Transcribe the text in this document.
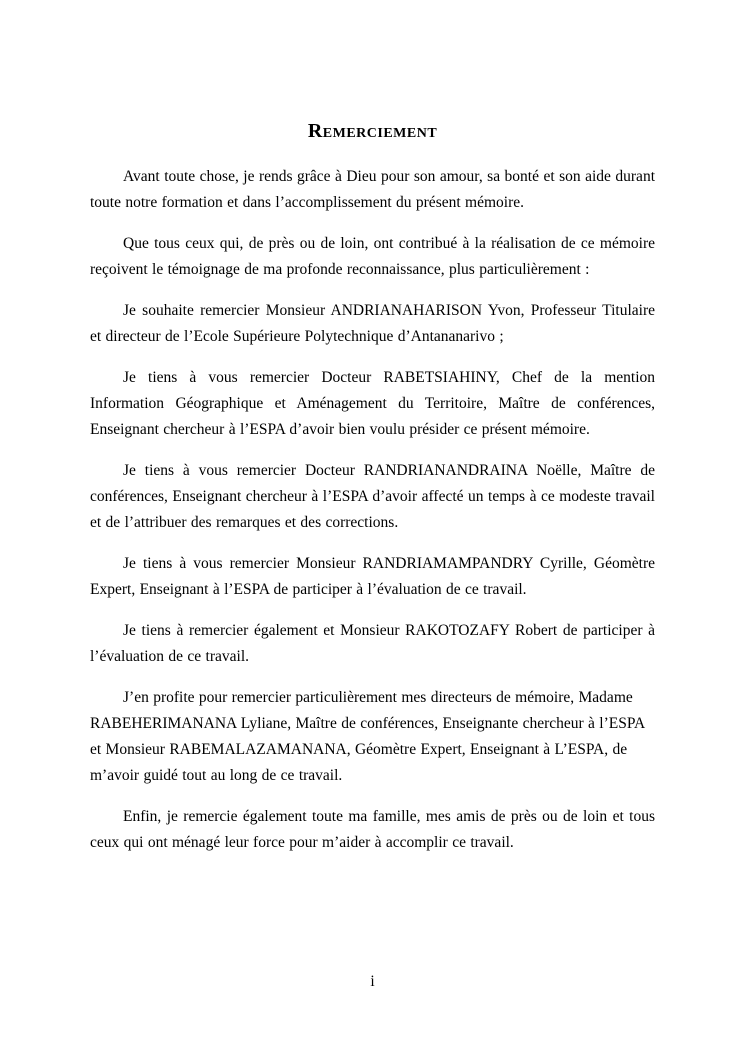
Remerciement

Avant toute chose, je rends grâce à Dieu pour son amour, sa bonté et son aide durant toute notre formation et dans l’accomplissement du présent mémoire.

Que tous ceux qui, de près ou de loin, ont contribué à la réalisation de ce mémoire reçoivent le témoignage de ma profonde reconnaissance, plus particulièrement :

Je souhaite remercier Monsieur ANDRIANAHARISON Yvon, Professeur Titulaire et directeur de l’Ecole Supérieure Polytechnique d’Antananarivo ;

Je tiens à vous remercier Docteur RABETSIAHINY, Chef de la mention Information Géographique et Aménagement du Territoire, Maître de conférences, Enseignant chercheur à l’ESPA d’avoir bien voulu présider ce présent mémoire.

Je tiens à vous remercier Docteur RANDRIANANDRAINA Noëlle, Maître de conférences, Enseignant chercheur à l’ESPA d’avoir affecté un temps à ce modeste travail et de l’attribuer des remarques et des corrections.

Je tiens à vous remercier Monsieur RANDRIAMAMPANDRY Cyrille, Géomètre Expert, Enseignant à l’ESPA de participer à l’évaluation de ce travail.

Je tiens à remercier également et Monsieur RAKOTOZAFY Robert de participer à l’évaluation de ce travail.

J’en profite pour remercier particulièrement mes directeurs de mémoire, Madame RABEHERIMANANA Lyliane, Maître de conférences, Enseignante chercheur à l’ESPA et Monsieur RABEMALAZAMANANA, Géomètre Expert, Enseignant à L’ESPA, de m’avoir guidé tout au long de ce travail.

Enfin, je remercie également toute ma famille, mes amis de près ou de loin et tous ceux qui ont ménagé leur force pour m’aider à accomplir ce travail.

i
